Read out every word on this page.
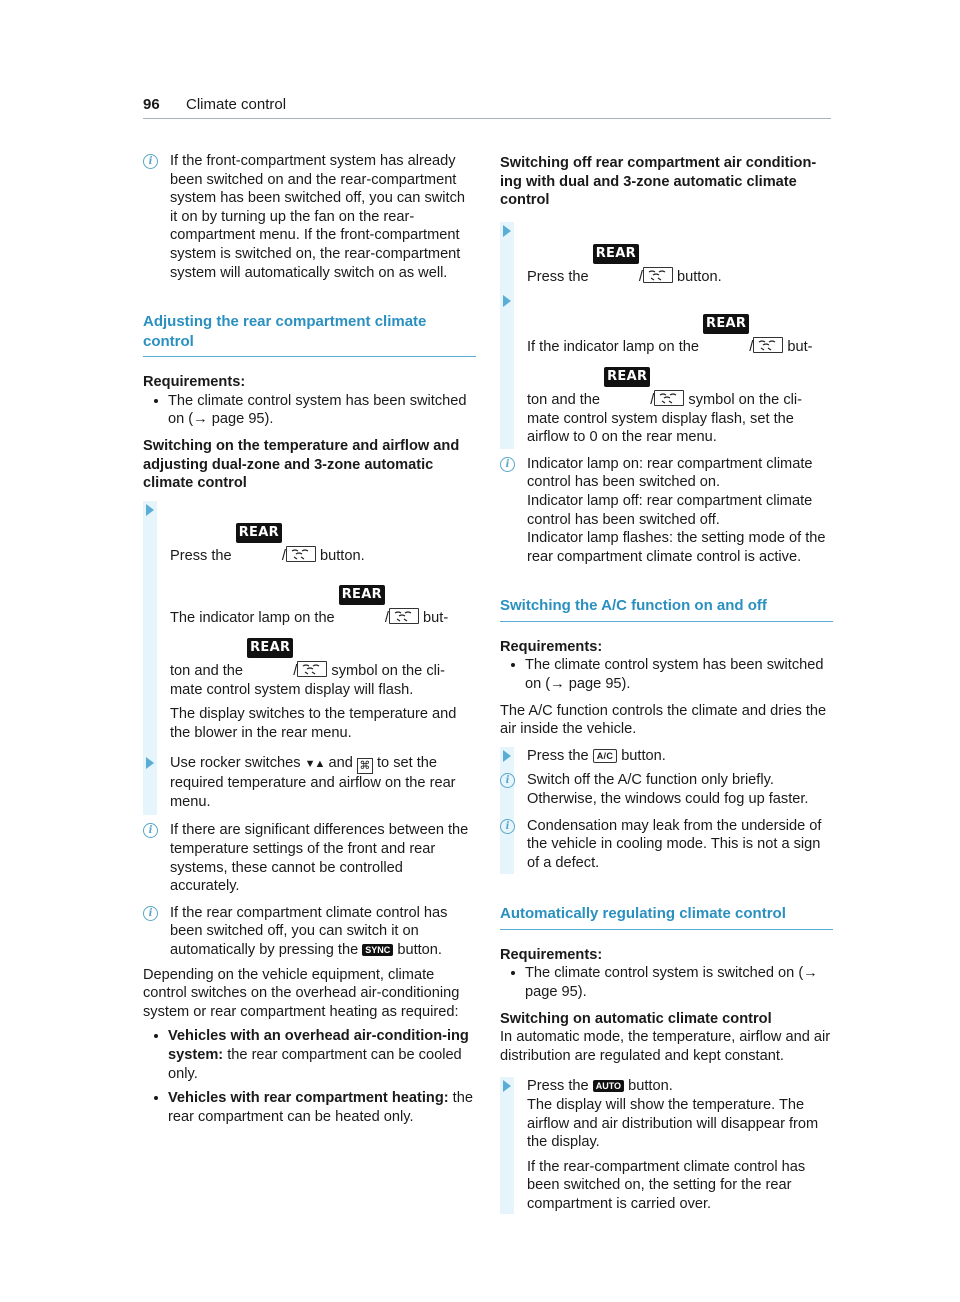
96 Climate control
i	If the front-compartment system has already been switched on and the rear-compartment system has been switched off, you can switch it on by turning up the fan on the rear-compartment menu. If the front-compartment system is switched on, the rear-compartment system will automatically switch on as well.

Adjusting the rear compartment climate control

Requirements:

The climate control system has been switched on (→ page 95).

Switching on the temperature and airflow and adjusting dual-zone and 3-zone automatic climate control

Press the REAR/ button.
The indicator lamp on the REAR/ but-
ton and the REAR/ symbol on the cli-

mate control system display will flash.

The display switches to the temperature and the blower in the rear menu.

Use rocker switches ▼▲ and ⌘ to set the required temperature and airflow on the rear menu.
i	If there are significant differences between the temperature settings of the front and rear systems, these cannot be controlled accurately.

i	If the rear compartment climate control has been switched off, you can switch it on automatically by pressing the SYNC button.

Depending on the vehicle equipment, climate control switches on the overhead air-conditioning system or rear compartment heating as required:

Vehicles with an overhead air-condition-ing system: the rear compartment can be cooled only.
Vehicles with rear compartment heating: the rear compartment can be heated only.

Switching off rear compartment air condition-ing with dual and 3-zone automatic climate control

Press the REAR/ button.
If the indicator lamp on the REAR/ but-
ton and the REAR/ symbol on the cli-

mate control system display flash, set the airflow to 0 on the rear menu.

i	Indicator lamp on: rear compartment climate control has been switched on.

Indicator lamp off: rear compartment climate control has been switched off.

Indicator lamp flashes: the setting mode of the rear compartment climate control is active.

Switching the A/C function on and off

Requirements:

The climate control system has been switched on (→ page 95).

The A/C function controls the climate and dries the air inside the vehicle.

Press the A/C button.
i	Switch off the A/C function only briefly. Otherwise, the windows could fog up faster.

i	Condensation may leak from the underside of the vehicle in cooling mode. This is not a sign of a defect.

Automatically regulating climate control

Requirements:

The climate control system is switched on (→ page 95).

Switching on automatic climate control

In automatic mode, the temperature, airflow and air distribution are regulated and kept constant.

Press the AUTO button.

The display will show the temperature. The airflow and air distribution will disappear from the display.

If the rear-compartment climate control has been switched on, the setting for the rear compartment is carried over.
